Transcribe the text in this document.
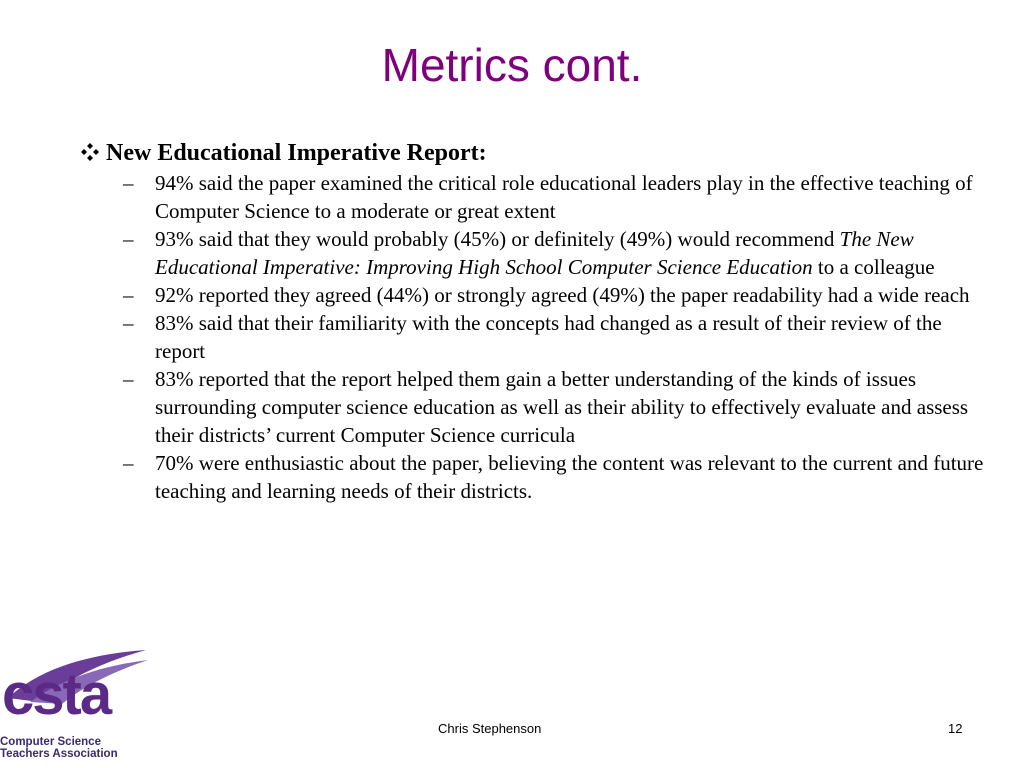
Metrics cont.
New Educational Imperative Report:
– 94% said the paper examined the critical role educational leaders play in the effective teaching of Computer Science to a moderate or great extent
– 93% said that they would probably (45%) or definitely (49%) would recommend The New Educational Imperative: Improving High School Computer Science Education to a colleague
– 92% reported they agreed (44%) or strongly agreed (49%) the paper readability had a wide reach
– 83% said that their familiarity with the concepts had changed as a result of their review of the report
– 83% reported that the report helped them gain a better understanding of the kinds of issues surrounding computer science education as well as their ability to effectively evaluate and assess their districts’ current Computer Science curricula
– 70% were enthusiastic about the paper, believing the content was relevant to the current and future teaching and learning needs of their districts.
csta
Computer Science
Teachers Association
Chris Stephenson	12
